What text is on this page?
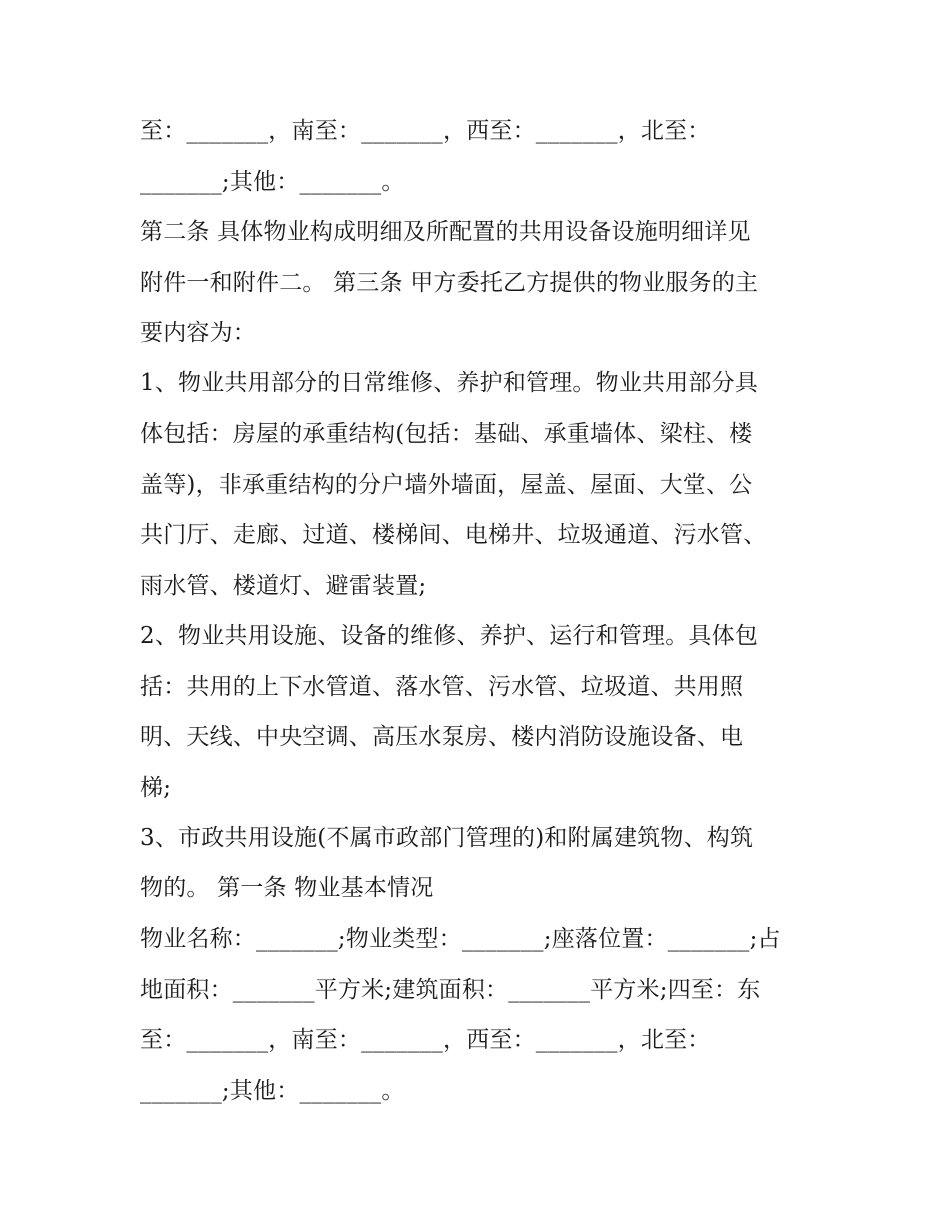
至：_______，南至：_______，西至：_______，北至：
_______;其他：_______。
第二条 具体物业构成明细及所配置的共用设备设施明细详见
附件一和附件二。 第三条 甲方委托乙方提供的物业服务的主
要内容为：
1、物业共用部分的日常维修、养护和管理。物业共用部分具
体包括：房屋的承重结构(包括：基础、承重墙体、梁柱、楼
盖等)，非承重结构的分户墙外墙面，屋盖、屋面、大堂、公
共门厅、走廊、过道、楼梯间、电梯井、垃圾通道、污水管、
雨水管、楼道灯、避雷装置;
2、物业共用设施、设备的维修、养护、运行和管理。具体包
括：共用的上下水管道、落水管、污水管、垃圾道、共用照
明、天线、中央空调、高压水泵房、楼内消防设施设备、电
梯;
3、市政共用设施(不属市政部门管理的)和附属建筑物、构筑
物的。 第一条 物业基本情况
物业名称：_______;物业类型：_______;座落位置：_______;占
地面积：_______平方米;建筑面积：_______平方米;四至：东
至：_______，南至：_______，西至：_______，北至：
_______;其他：_______。
